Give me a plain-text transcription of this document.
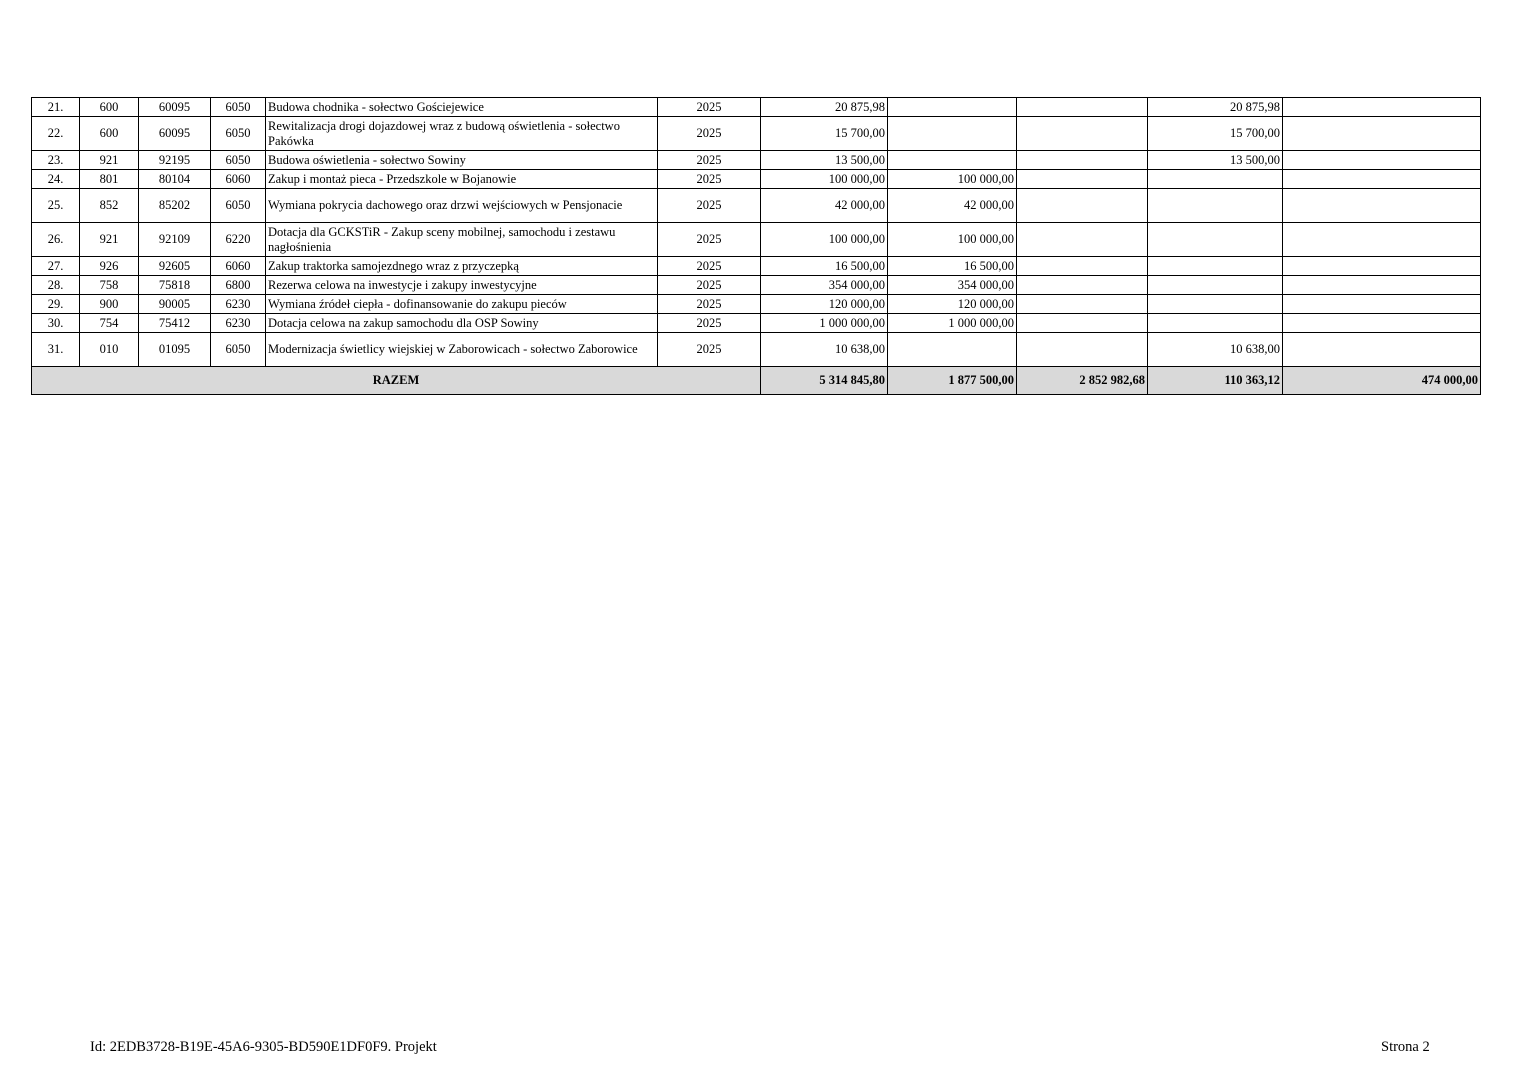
21.	600	60095	6050	Budowa chodnika - sołectwo Gościejewice	2025	20 875,98			20 875,98	
22.	600	60095	6050	Rewitalizacja drogi dojazdowej wraz z budową oświetlenia - sołectwo Pakówka	2025	15 700,00			15 700,00	
23.	921	92195	6050	Budowa oświetlenia - sołectwo Sowiny	2025	13 500,00			13 500,00	
24.	801	80104	6060	Zakup i montaż pieca - Przedszkole w Bojanowie	2025	100 000,00	100 000,00			
25.	852	85202	6050	Wymiana pokrycia dachowego oraz drzwi wejściowych w Pensjonacie	2025	42 000,00	42 000,00			
26.	921	92109	6220	Dotacja dla GCKSTiR - Zakup sceny mobilnej, samochodu i zestawu nagłośnienia	2025	100 000,00	100 000,00			
27.	926	92605	6060	Zakup traktorka samojezdnego wraz z przyczepką	2025	16 500,00	16 500,00			
28.	758	75818	6800	Rezerwa celowa na inwestycje i zakupy inwestycyjne	2025	354 000,00	354 000,00			
29.	900	90005	6230	Wymiana źródeł ciepła - dofinansowanie do zakupu pieców	2025	120 000,00	120 000,00			
30.	754	75412	6230	Dotacja celowa na zakup samochodu dla OSP Sowiny	2025	1 000 000,00	1 000 000,00			
31.	010	01095	6050	Modernizacja świetlicy wiejskiej w Zaborowicach - sołectwo Zaborowice	2025	10 638,00			10 638,00	
RAZEM						5 314 845,80	1 877 500,00	2 852 982,68	110 363,12	474 000,00
Id: 2EDB3728-B19E-45A6-9305-BD590E1DF0F9. Projekt	Strona 2
